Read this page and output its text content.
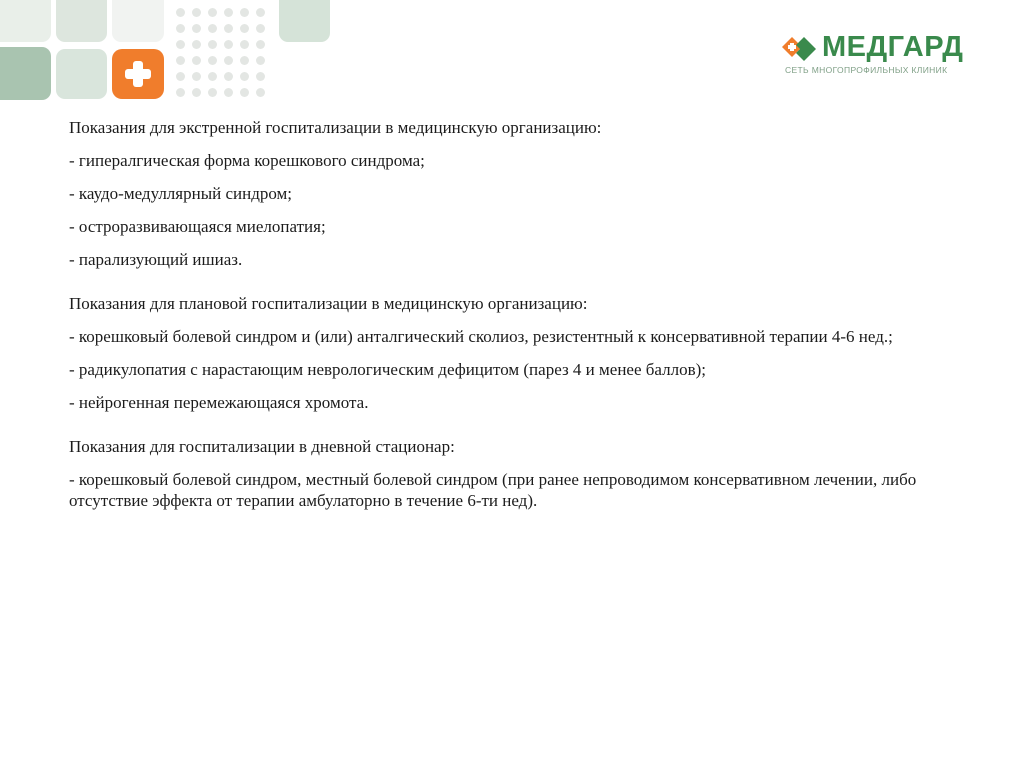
МЕДГАРД
СЕТЬ МНОГОПРОФИЛЬНЫХ КЛИНИК

Показания для экстренной госпитализации в медицинскую организацию:

- гипералгическая форма корешкового синдрома;

- каудо-медуллярный синдром;

- остроразвивающаяся миелопатия;

- парализующий ишиаз.

Показания для плановой госпитализации в медицинскую организацию:

- корешковый болевой синдром и (или) анталгический сколиоз, резистентный к консервативной терапии 4-6 нед.;

- радикулопатия с нарастающим неврологическим дефицитом (парез 4 и менее баллов);

- нейрогенная перемежающаяся хромота.

Показания для госпитализации в дневной стационар:

- корешковый болевой синдром, местный болевой синдром (при ранее непроводимом консервативном лечении, либо отсутствие эффекта от терапии амбулаторно в течение 6-ти нед).
